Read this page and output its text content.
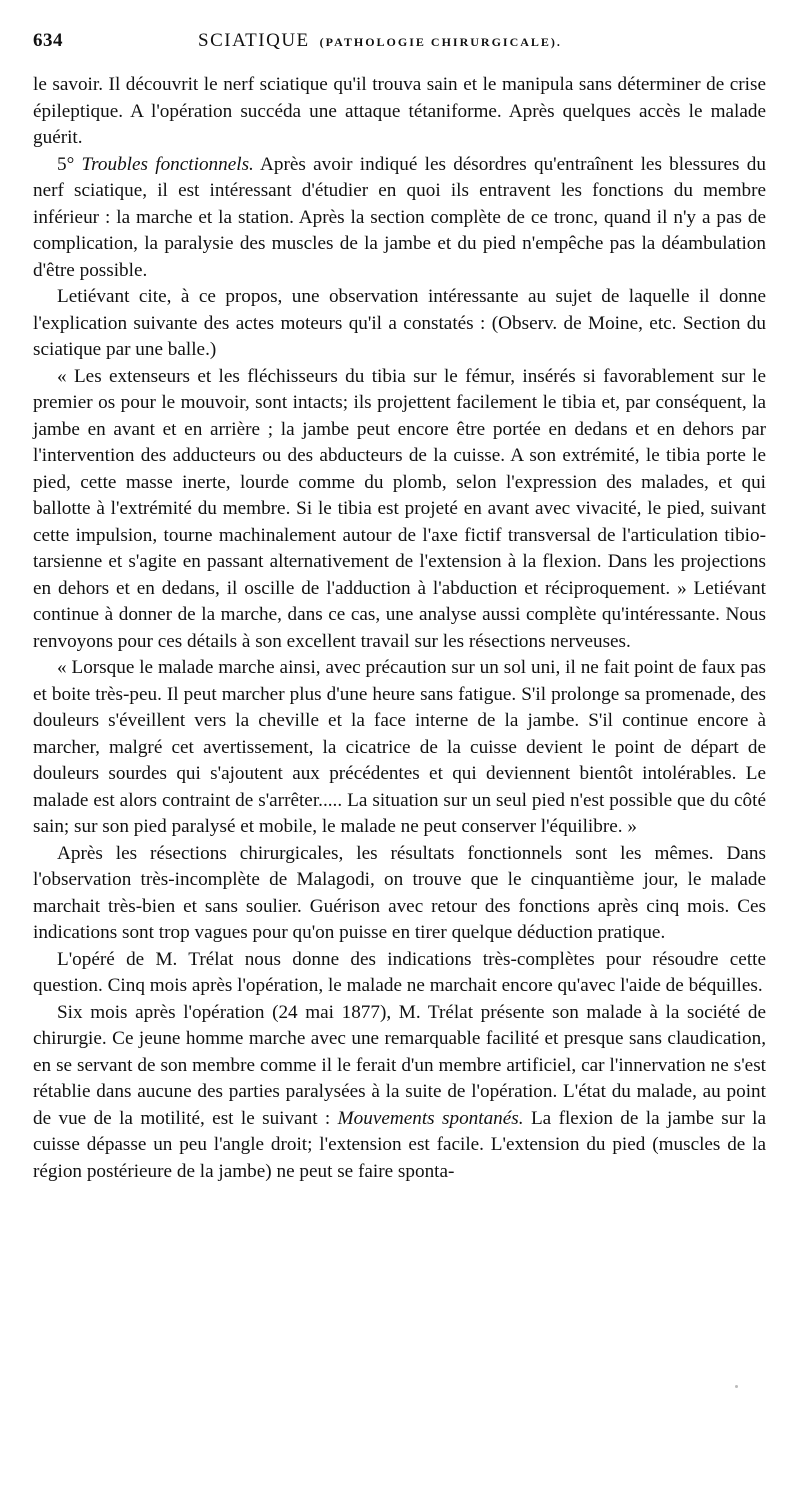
634	SCIATIQUE (PATHOLOGIE CHIRURGICALE).

le savoir. Il découvrit le nerf sciatique qu'il trouva sain et le manipula sans déterminer de crise épileptique. A l'opération succéda une attaque tétaniforme. Après quelques accès le malade guérit.

5° Troubles fonctionnels. Après avoir indiqué les désordres qu'entraînent les blessures du nerf sciatique, il est intéressant d'étudier en quoi ils entravent les fonctions du membre inférieur : la marche et la station. Après la section complète de ce tronc, quand il n'y a pas de complication, la paralysie des muscles de la jambe et du pied n'empêche pas la déambulation d'être possible.

Letiévant cite, à ce propos, une observation intéressante au sujet de laquelle il donne l'explication suivante des actes moteurs qu'il a constatés : (Observ. de Moine, etc. Section du sciatique par une balle.)

« Les extenseurs et les fléchisseurs du tibia sur le fémur, insérés si favorablement sur le premier os pour le mouvoir, sont intacts; ils projettent facilement le tibia et, par conséquent, la jambe en avant et en arrière ; la jambe peut encore être portée en dedans et en dehors par l'intervention des adducteurs ou des abducteurs de la cuisse. A son extrémité, le tibia porte le pied, cette masse inerte, lourde comme du plomb, selon l'expression des malades, et qui ballotte à l'extrémité du membre. Si le tibia est projeté en avant avec vivacité, le pied, suivant cette impulsion, tourne machinalement autour de l'axe fictif transversal de l'articulation tibio-tarsienne et s'agite en passant alternativement de l'extension à la flexion. Dans les projections en dehors et en dedans, il oscille de l'adduction à l'abduction et réciproquement. » Letiévant continue à donner de la marche, dans ce cas, une analyse aussi complète qu'intéressante. Nous renvoyons pour ces détails à son excellent travail sur les résections nerveuses.

« Lorsque le malade marche ainsi, avec précaution sur un sol uni, il ne fait point de faux pas et boite très-peu. Il peut marcher plus d'une heure sans fatigue. S'il prolonge sa promenade, des douleurs s'éveillent vers la cheville et la face interne de la jambe. S'il continue encore à marcher, malgré cet avertissement, la cicatrice de la cuisse devient le point de départ de douleurs sourdes qui s'ajoutent aux précédentes et qui deviennent bientôt intolérables. Le malade est alors contraint de s'arrêter..... La situation sur un seul pied n'est possible que du côté sain; sur son pied paralysé et mobile, le malade ne peut conserver l'équilibre. »

Après les résections chirurgicales, les résultats fonctionnels sont les mêmes. Dans l'observation très-incomplète de Malagodi, on trouve que le cinquantième jour, le malade marchait très-bien et sans soulier. Guérison avec retour des fonctions après cinq mois. Ces indications sont trop vagues pour qu'on puisse en tirer quelque déduction pratique.

L'opéré de M. Trélat nous donne des indications très-complètes pour résoudre cette question. Cinq mois après l'opération, le malade ne marchait encore qu'avec l'aide de béquilles.

Six mois après l'opération (24 mai 1877), M. Trélat présente son malade à la société de chirurgie. Ce jeune homme marche avec une remarquable facilité et presque sans claudication, en se servant de son membre comme il le ferait d'un membre artificiel, car l'innervation ne s'est rétablie dans aucune des parties paralysées à la suite de l'opération. L'état du malade, au point de vue de la motilité, est le suivant : Mouvements spontanés. La flexion de la jambe sur la cuisse dépasse un peu l'angle droit; l'extension est facile. L'extension du pied (muscles de la région postérieure de la jambe) ne peut se faire sponta-
